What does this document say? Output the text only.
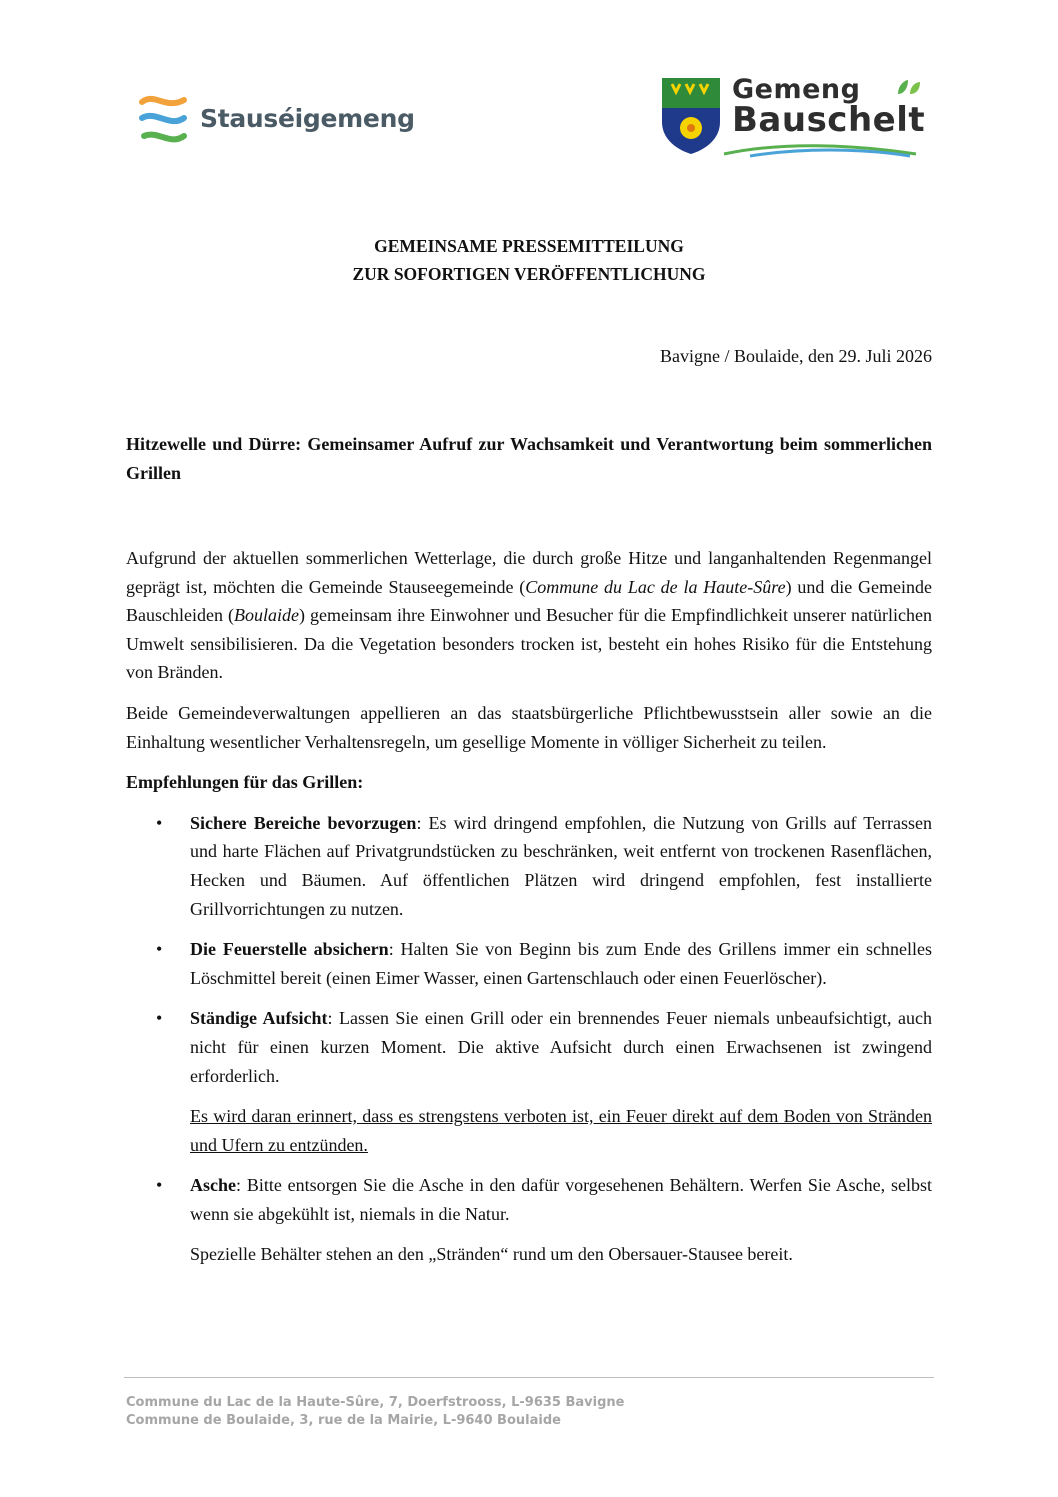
Stauséigemeng
Gemeng
Bauschelt
GEMEINSAME PRESSEMITTEILUNG
ZUR SOFORTIGEN VERÖFFENTLICHUNG
Bavigne / Boulaide, den 29. Juli 2026
Hitzewelle und Dürre: Gemeinsamer Aufruf zur Wachsamkeit und Verantwortung beim sommerlichen Grillen

Aufgrund der aktuellen sommerlichen Wetterlage, die durch große Hitze und langanhaltenden Regenmangel geprägt ist, möchten die Gemeinde Stauseegemeinde (Commune du Lac de la Haute-Sûre) und die Gemeinde Bauschleiden (Boulaide) gemeinsam ihre Einwohner und Besucher für die Empfindlichkeit unserer natürlichen Umwelt sensibilisieren. Da die Vegetation besonders trocken ist, besteht ein hohes Risiko für die Entstehung von Bränden.

Beide Gemeindeverwaltungen appellieren an das staatsbürgerliche Pflichtbewusstsein aller sowie an die Einhaltung wesentlicher Verhaltensregeln, um gesellige Momente in völliger Sicherheit zu teilen.

Empfehlungen für das Grillen:

• Sichere Bereiche bevorzugen: Es wird dringend empfohlen, die Nutzung von Grills auf Terrassen und harte Flächen auf Privatgrundstücken zu beschränken, weit entfernt von trockenen Rasenflächen, Hecken und Bäumen. Auf öffentlichen Plätzen wird dringend empfohlen, fest installierte Grillvorrichtungen zu nutzen.
• Die Feuerstelle absichern: Halten Sie von Beginn bis zum Ende des Grillens immer ein schnelles Löschmittel bereit (einen Eimer Wasser, einen Gartenschlauch oder einen Feuerlöscher).
• Ständige Aufsicht: Lassen Sie einen Grill oder ein brennendes Feuer niemals unbeaufsichtigt, auch nicht für einen kurzen Moment. Die aktive Aufsicht durch einen Erwachsenen ist zwingend erforderlich.
Es wird daran erinnert, dass es strengstens verboten ist, ein Feuer direkt auf dem Boden von Stränden und Ufern zu entzünden.
• Asche: Bitte entsorgen Sie die Asche in den dafür vorgesehenen Behältern. Werfen Sie Asche, selbst wenn sie abgekühlt ist, niemals in die Natur.
Spezielle Behälter stehen an den „Stränden“ rund um den Obersauer-Stausee bereit.
Commune du Lac de la Haute-Sûre, 7, Doerfstrooss, L-9635 Bavigne
Commune de Boulaide, 3, rue de la Mairie, L-9640 Boulaide
